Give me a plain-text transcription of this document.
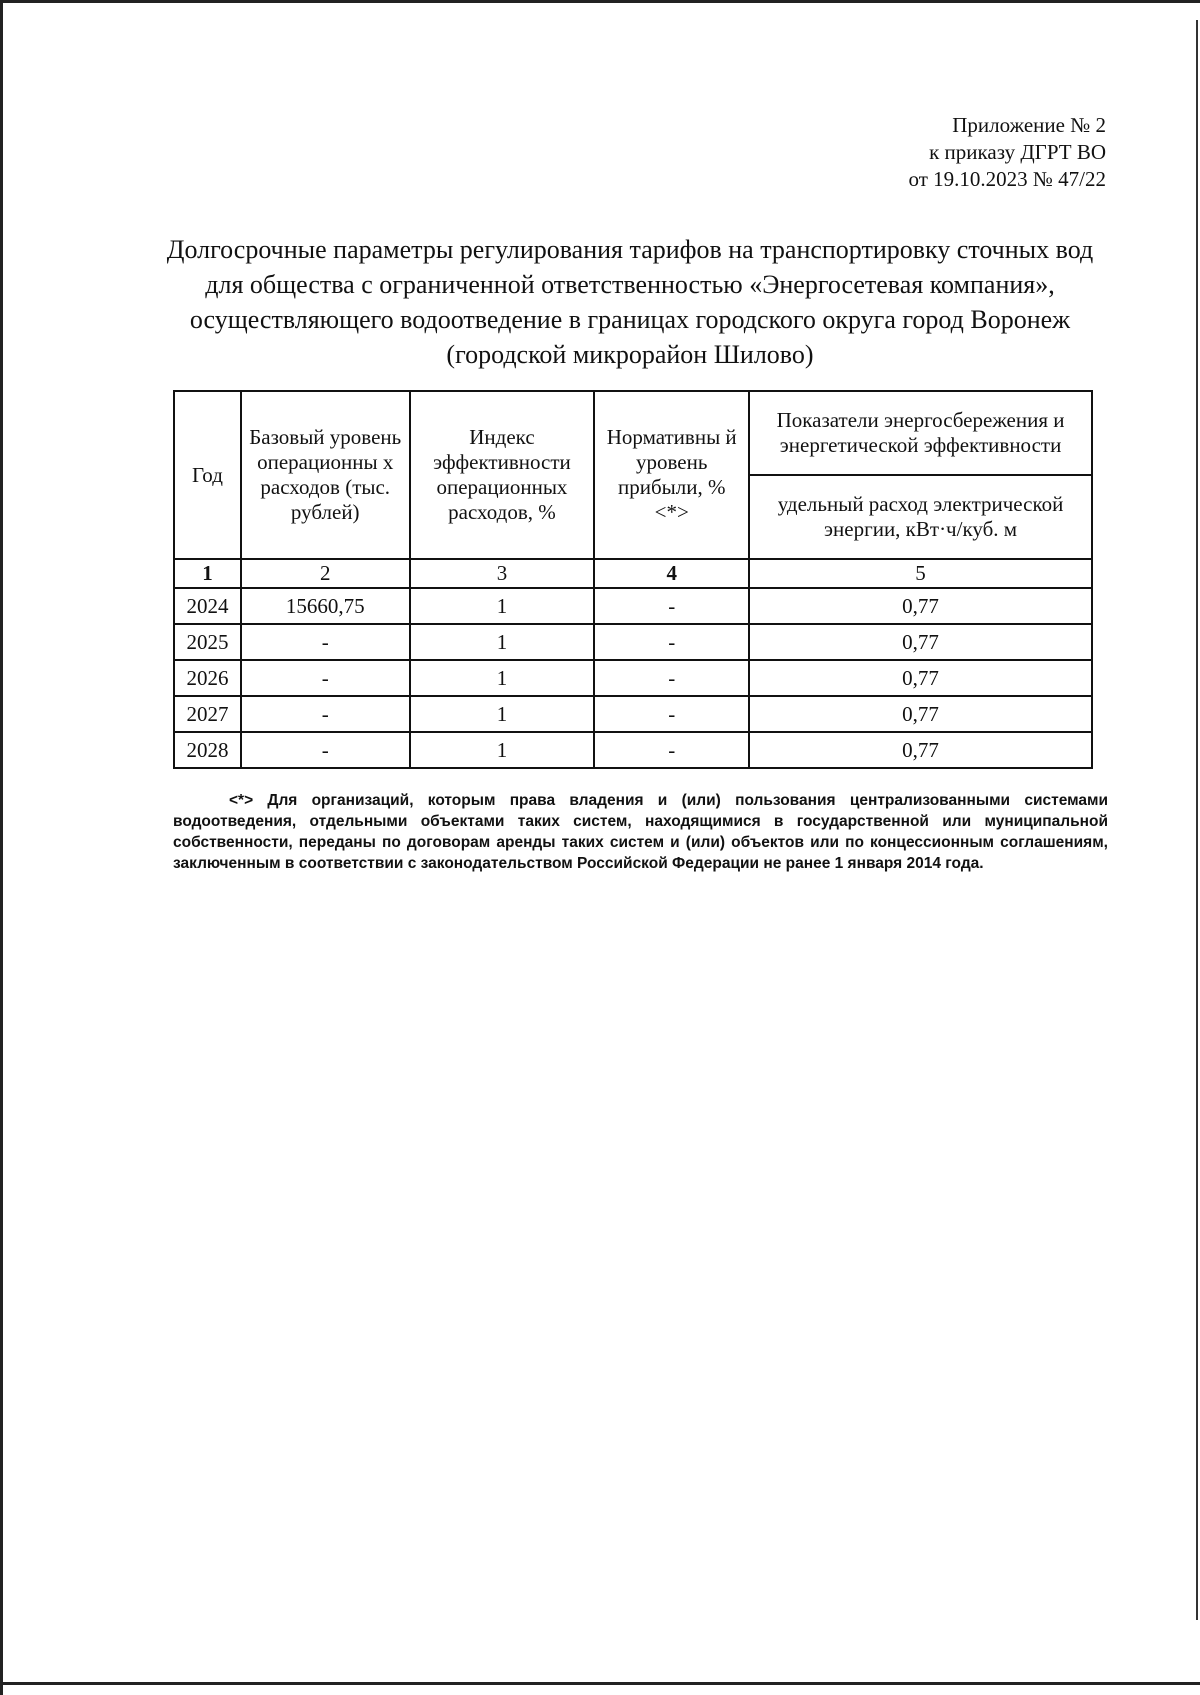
Приложение № 2
к приказу ДГРТ ВО
от 19.10.2023 № 47/22
Долгосрочные параметры регулирования тарифов на транспортировку сточных вод для общества с ограниченной ответственностью «Энергосетевая компания», осуществляющего водоотведение в границах городского округа город Воронеж (городской микрорайон Шилово)
Год	Базовый уровень операционны х расходов (тыс. рублей)	Индекс эффективности операционных расходов, %	Нормативны й уровень прибыли, % <*>	Показатели энергосбережения и энергетической эффективности
				удельный расход электрической энергии, кВт·ч/куб. м
1	2	3	4	5
2024	15660,75	1	-	0,77
2025	-	1	-	0,77
2026	-	1	-	0,77
2027	-	1	-	0,77
2028	-	1	-	0,77
<*> Для организаций, которым права владения и (или) пользования централизованными системами водоотведения, отдельными объектами таких систем, находящимися в государственной или муниципальной собственности, переданы по договорам аренды таких систем и (или) объектов или по концессионным соглашениям, заключенным в соответствии с законодательством Российской Федерации не ранее 1 января 2014 года.
